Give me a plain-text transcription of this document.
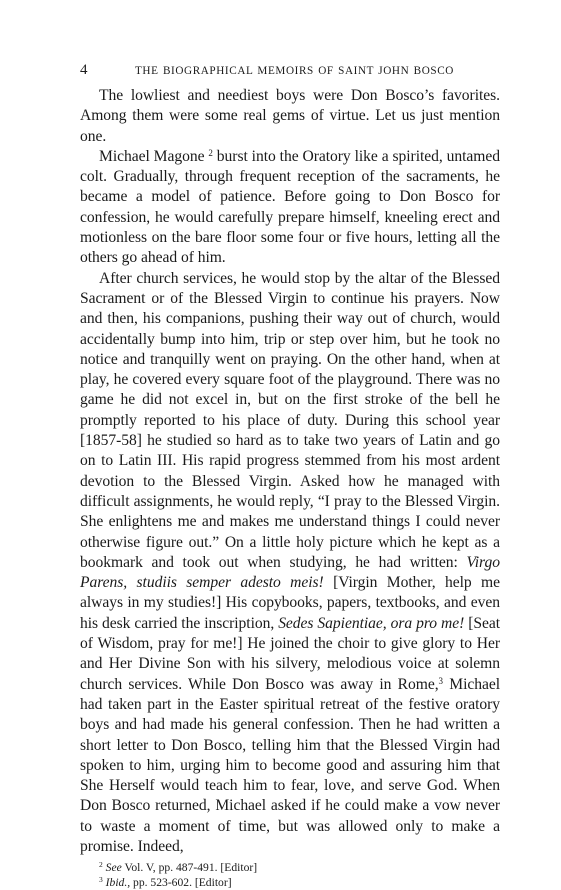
4	THE BIOGRAPHICAL MEMOIRS OF SAINT JOHN BOSCO

The lowliest and neediest boys were Don Bosco’s favorites. Among them were some real gems of virtue. Let us just mention one.

Michael Magone $^2$ burst into the Oratory like a spirited, untamed colt. Gradually, through frequent reception of the sacraments, he became a model of patience. Before going to Don Bosco for confession, he would carefully prepare himself, kneeling erect and motionless on the bare floor some four or five hours, letting all the others go ahead of him.

After church services, he would stop by the altar of the Blessed Sacrament or of the Blessed Virgin to continue his prayers. Now and then, his companions, pushing their way out of church, would accidentally bump into him, trip or step over him, but he took no notice and tranquilly went on praying. On the other hand, when at play, he covered every square foot of the playground. There was no game he did not excel in, but on the first stroke of the bell he promptly reported to his place of duty. During this school year [1857-58] he studied so hard as to take two years of Latin and go on to Latin III. His rapid progress stemmed from his most ardent devotion to the Blessed Virgin. Asked how he managed with difficult assignments, he would reply, “I pray to the Blessed Virgin. She enlightens me and makes me understand things I could never otherwise figure out.” On a little holy picture which he kept as a bookmark and took out when studying, he had written: Virgo Parens, studiis semper adesto meis! [Virgin Mother, help me always in my studies!] His copybooks, papers, textbooks, and even his desk carried the inscription, Sedes Sapientiae, ora pro me! [Seat of Wisdom, pray for me!] He joined the choir to give glory to Her and Her Divine Son with his silvery, melodious voice at solemn church services. While Don Bosco was away in Rome,$^3$ Michael had taken part in the Easter spiritual retreat of the festive oratory boys and had made his general confession. Then he had written a short letter to Don Bosco, telling him that the Blessed Virgin had spoken to him, urging him to become good and assuring him that She Herself would teach him to fear, love, and serve God. When Don Bosco returned, Michael asked if he could make a vow never to waste a moment of time, but was allowed only to make a promise. Indeed,

$^2$ See Vol. V, pp. 487-491. [Editor]
$^3$ Ibid., pp. 523-602. [Editor]
